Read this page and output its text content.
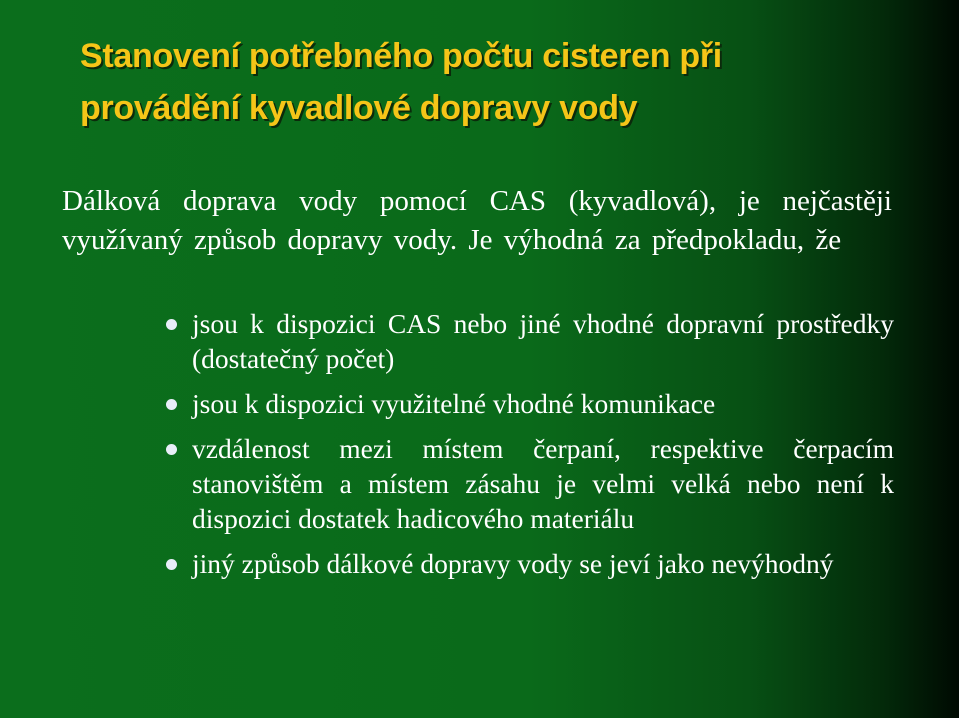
Stanovení potřebného počtu cisteren při
provádění kyvadlové dopravy vody

Dálková doprava vody pomocí CAS (kyvadlová), je nejčastěji využívaný způsob dopravy vody. Je výhodná za předpokladu, že

jsou k dispozici CAS nebo jiné vhodné dopravní prostředky (dostatečný počet)
jsou k dispozici využitelné vhodné komunikace
vzdálenost mezi místem čerpaní, respektive čerpacím stanovištěm a místem zásahu je velmi velká nebo není k dispozici dostatek hadicového materiálu
jiný způsob dálkové dopravy vody se jeví jako nevýhodný
